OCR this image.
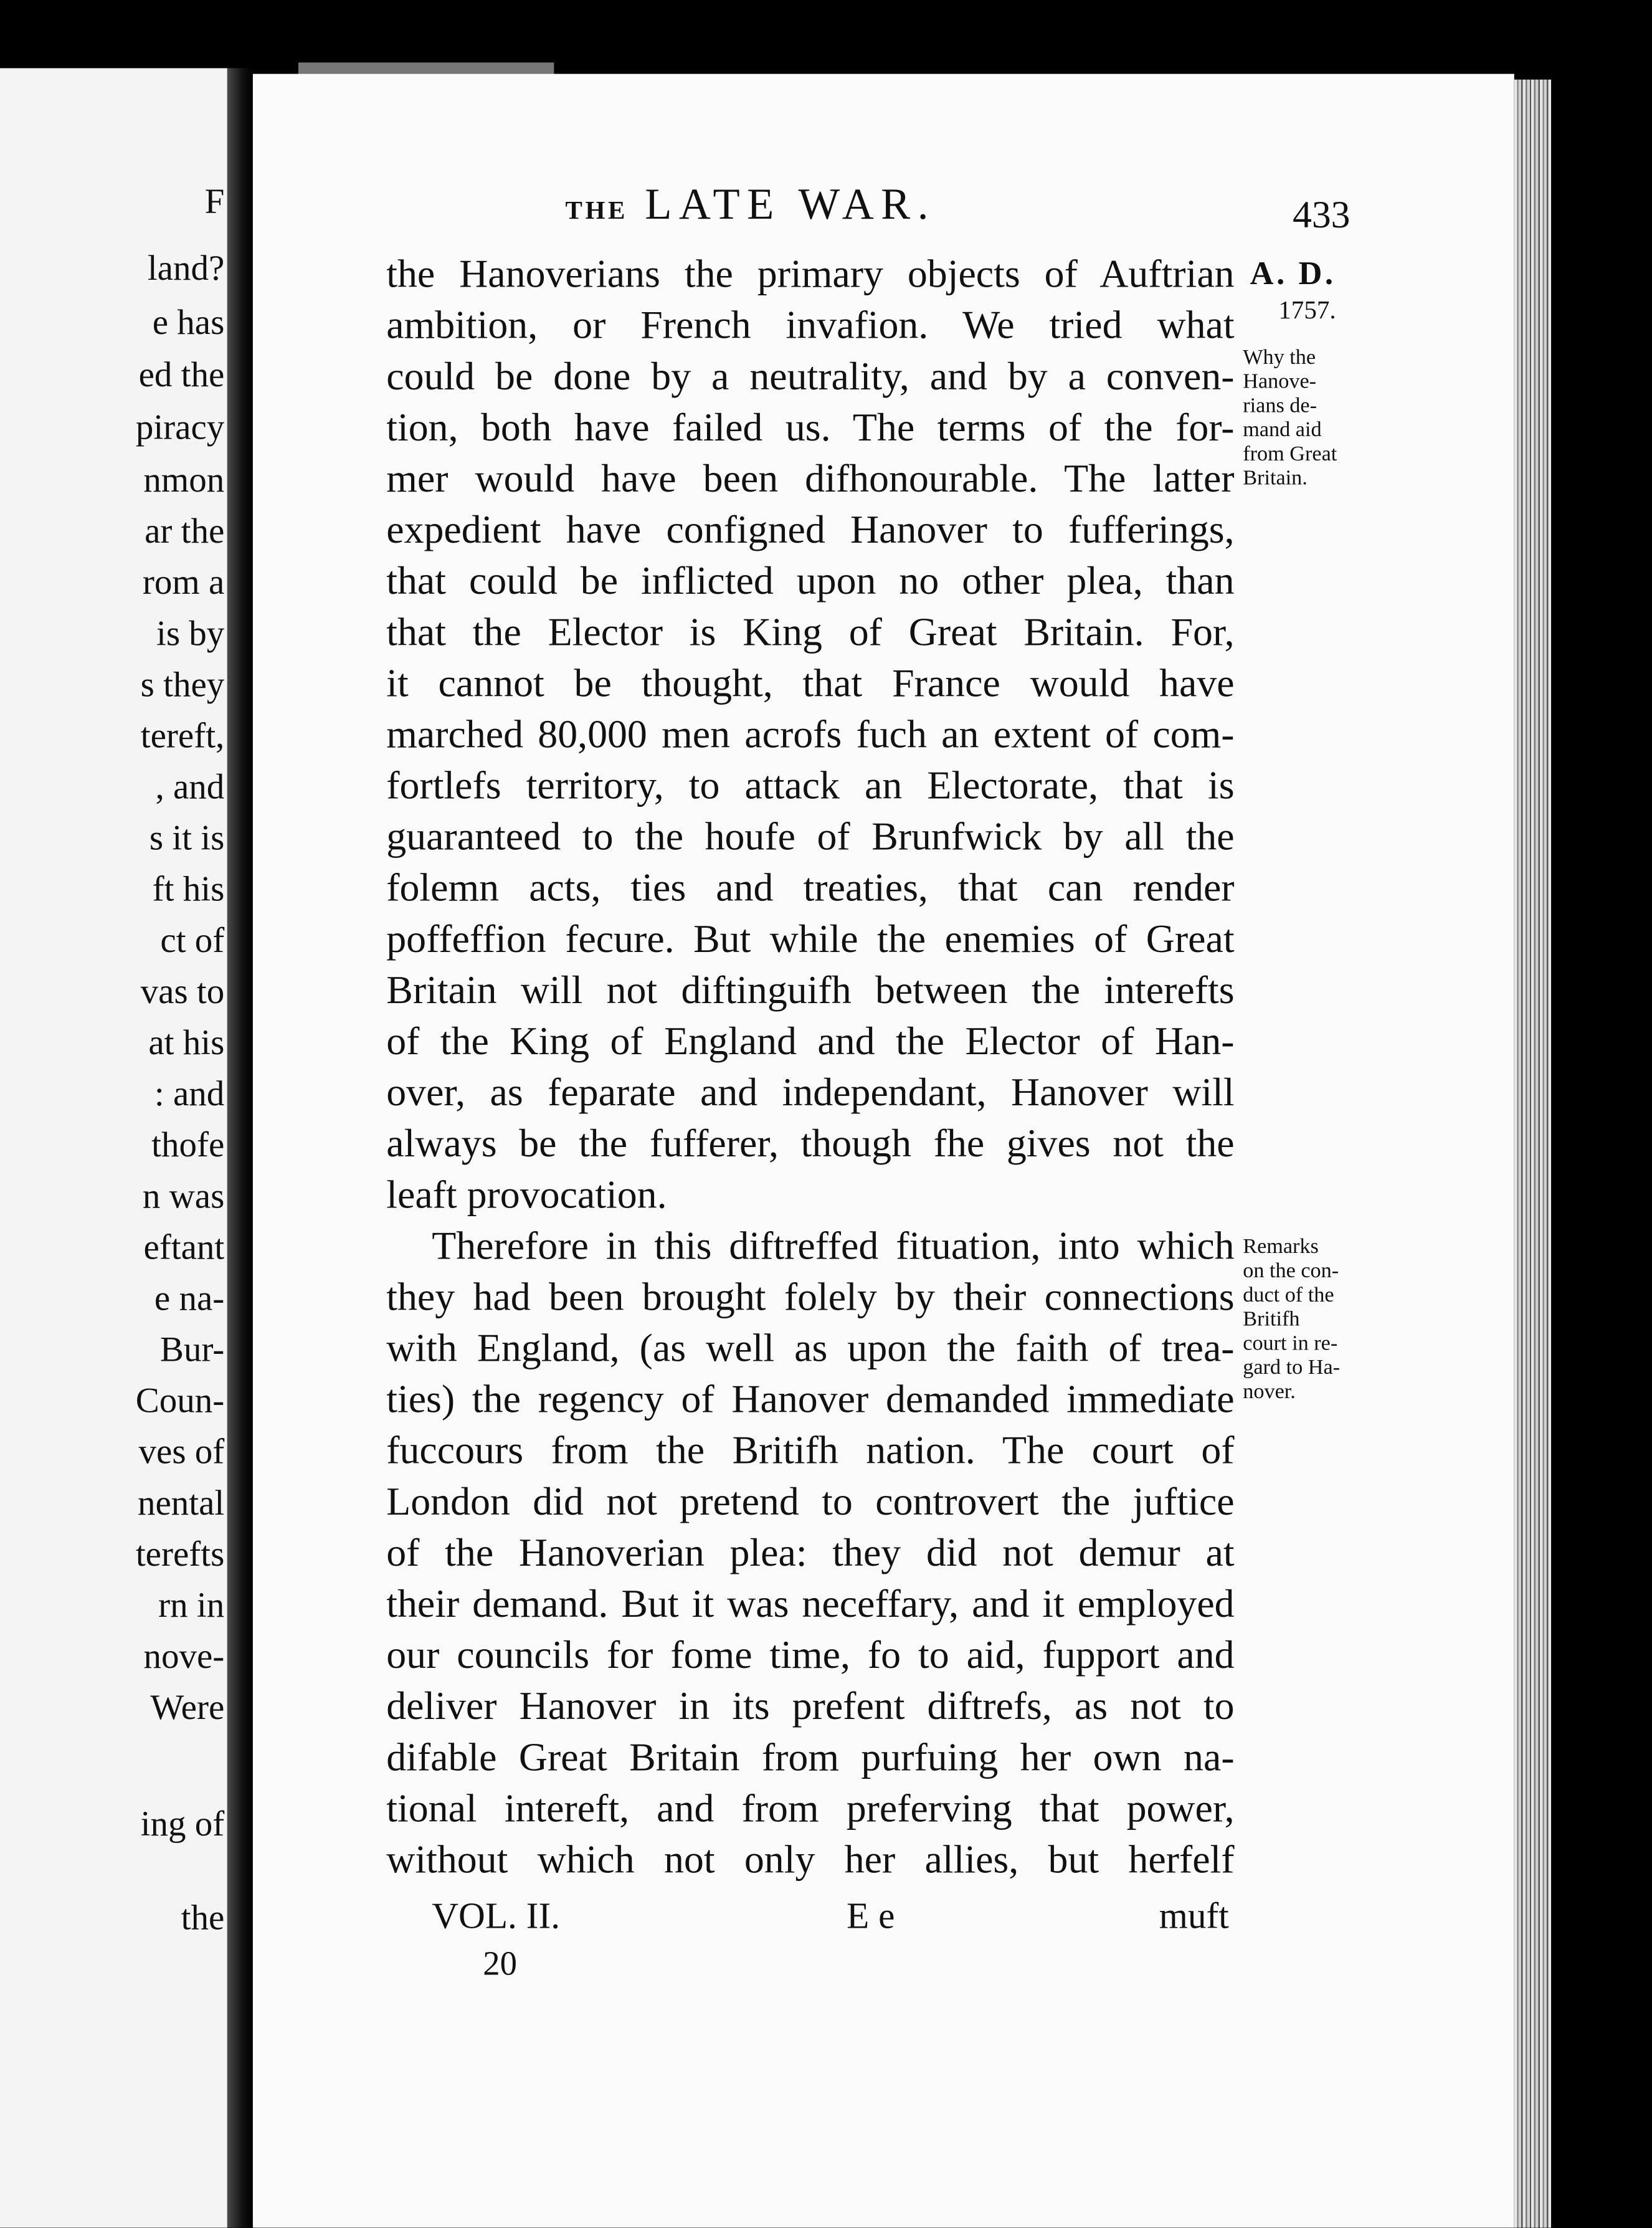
F
land?
e has
ed the
piracy
nmon
ar the
rom a
is by
s they
tereft,
, and
s it is
ft his
ct of
vas to
at his
: and
thofe
n was
eftant
e na-
Bur-
Coun-
ves of
nental
terefts
rn in
nove-
Were
ing of
the
THE LATE WAR.	433
A. D.
1757.
Why the
Hanove-
rians de-
mand aid
from Great
Britain.
Remarks
on the con-
duct of the
Britifh
court in re-
gard to Ha-
nover.
the Hanoverians the primary objects of Auftrian
ambition, or French invafion. We tried what
could be done by a neutrality, and by a conven-
tion, both have failed us. The terms of the for-
mer would have been difhonourable. The latter
expedient have configned Hanover to fufferings,
that could be inflicted upon no other plea, than
that the Elector is King of Great Britain. For,
it cannot be thought, that France would have
marched 80,000 men acrofs fuch an extent of com-
fortlefs territory, to attack an Electorate, that is
guaranteed to the houfe of Brunfwick by all the
folemn acts, ties and treaties, that can render
poffeffion fecure. But while the enemies of Great
Britain will not diftinguifh between the interefts
of the King of England and the Elector of Han-
over, as feparate and independant, Hanover will
always be the fufferer, though fhe gives not the
leaft provocation.
Therefore in this diftreffed fituation, into which
they had been brought folely by their connections
with England, (as well as upon the faith of trea-
ties) the regency of Hanover demanded immediate
fuccours from the Britifh nation. The court of
London did not pretend to controvert the juftice
of the Hanoverian plea: they did not demur at
their demand. But it was neceffary, and it employed
our councils for fome time, fo to aid, fupport and
deliver Hanover in its prefent diftrefs, as not to
difable Great Britain from purfuing her own na-
tional intereft, and from preferving that power,
without which not only her allies, but herfelf
VOL. II.	E e	muft
20
